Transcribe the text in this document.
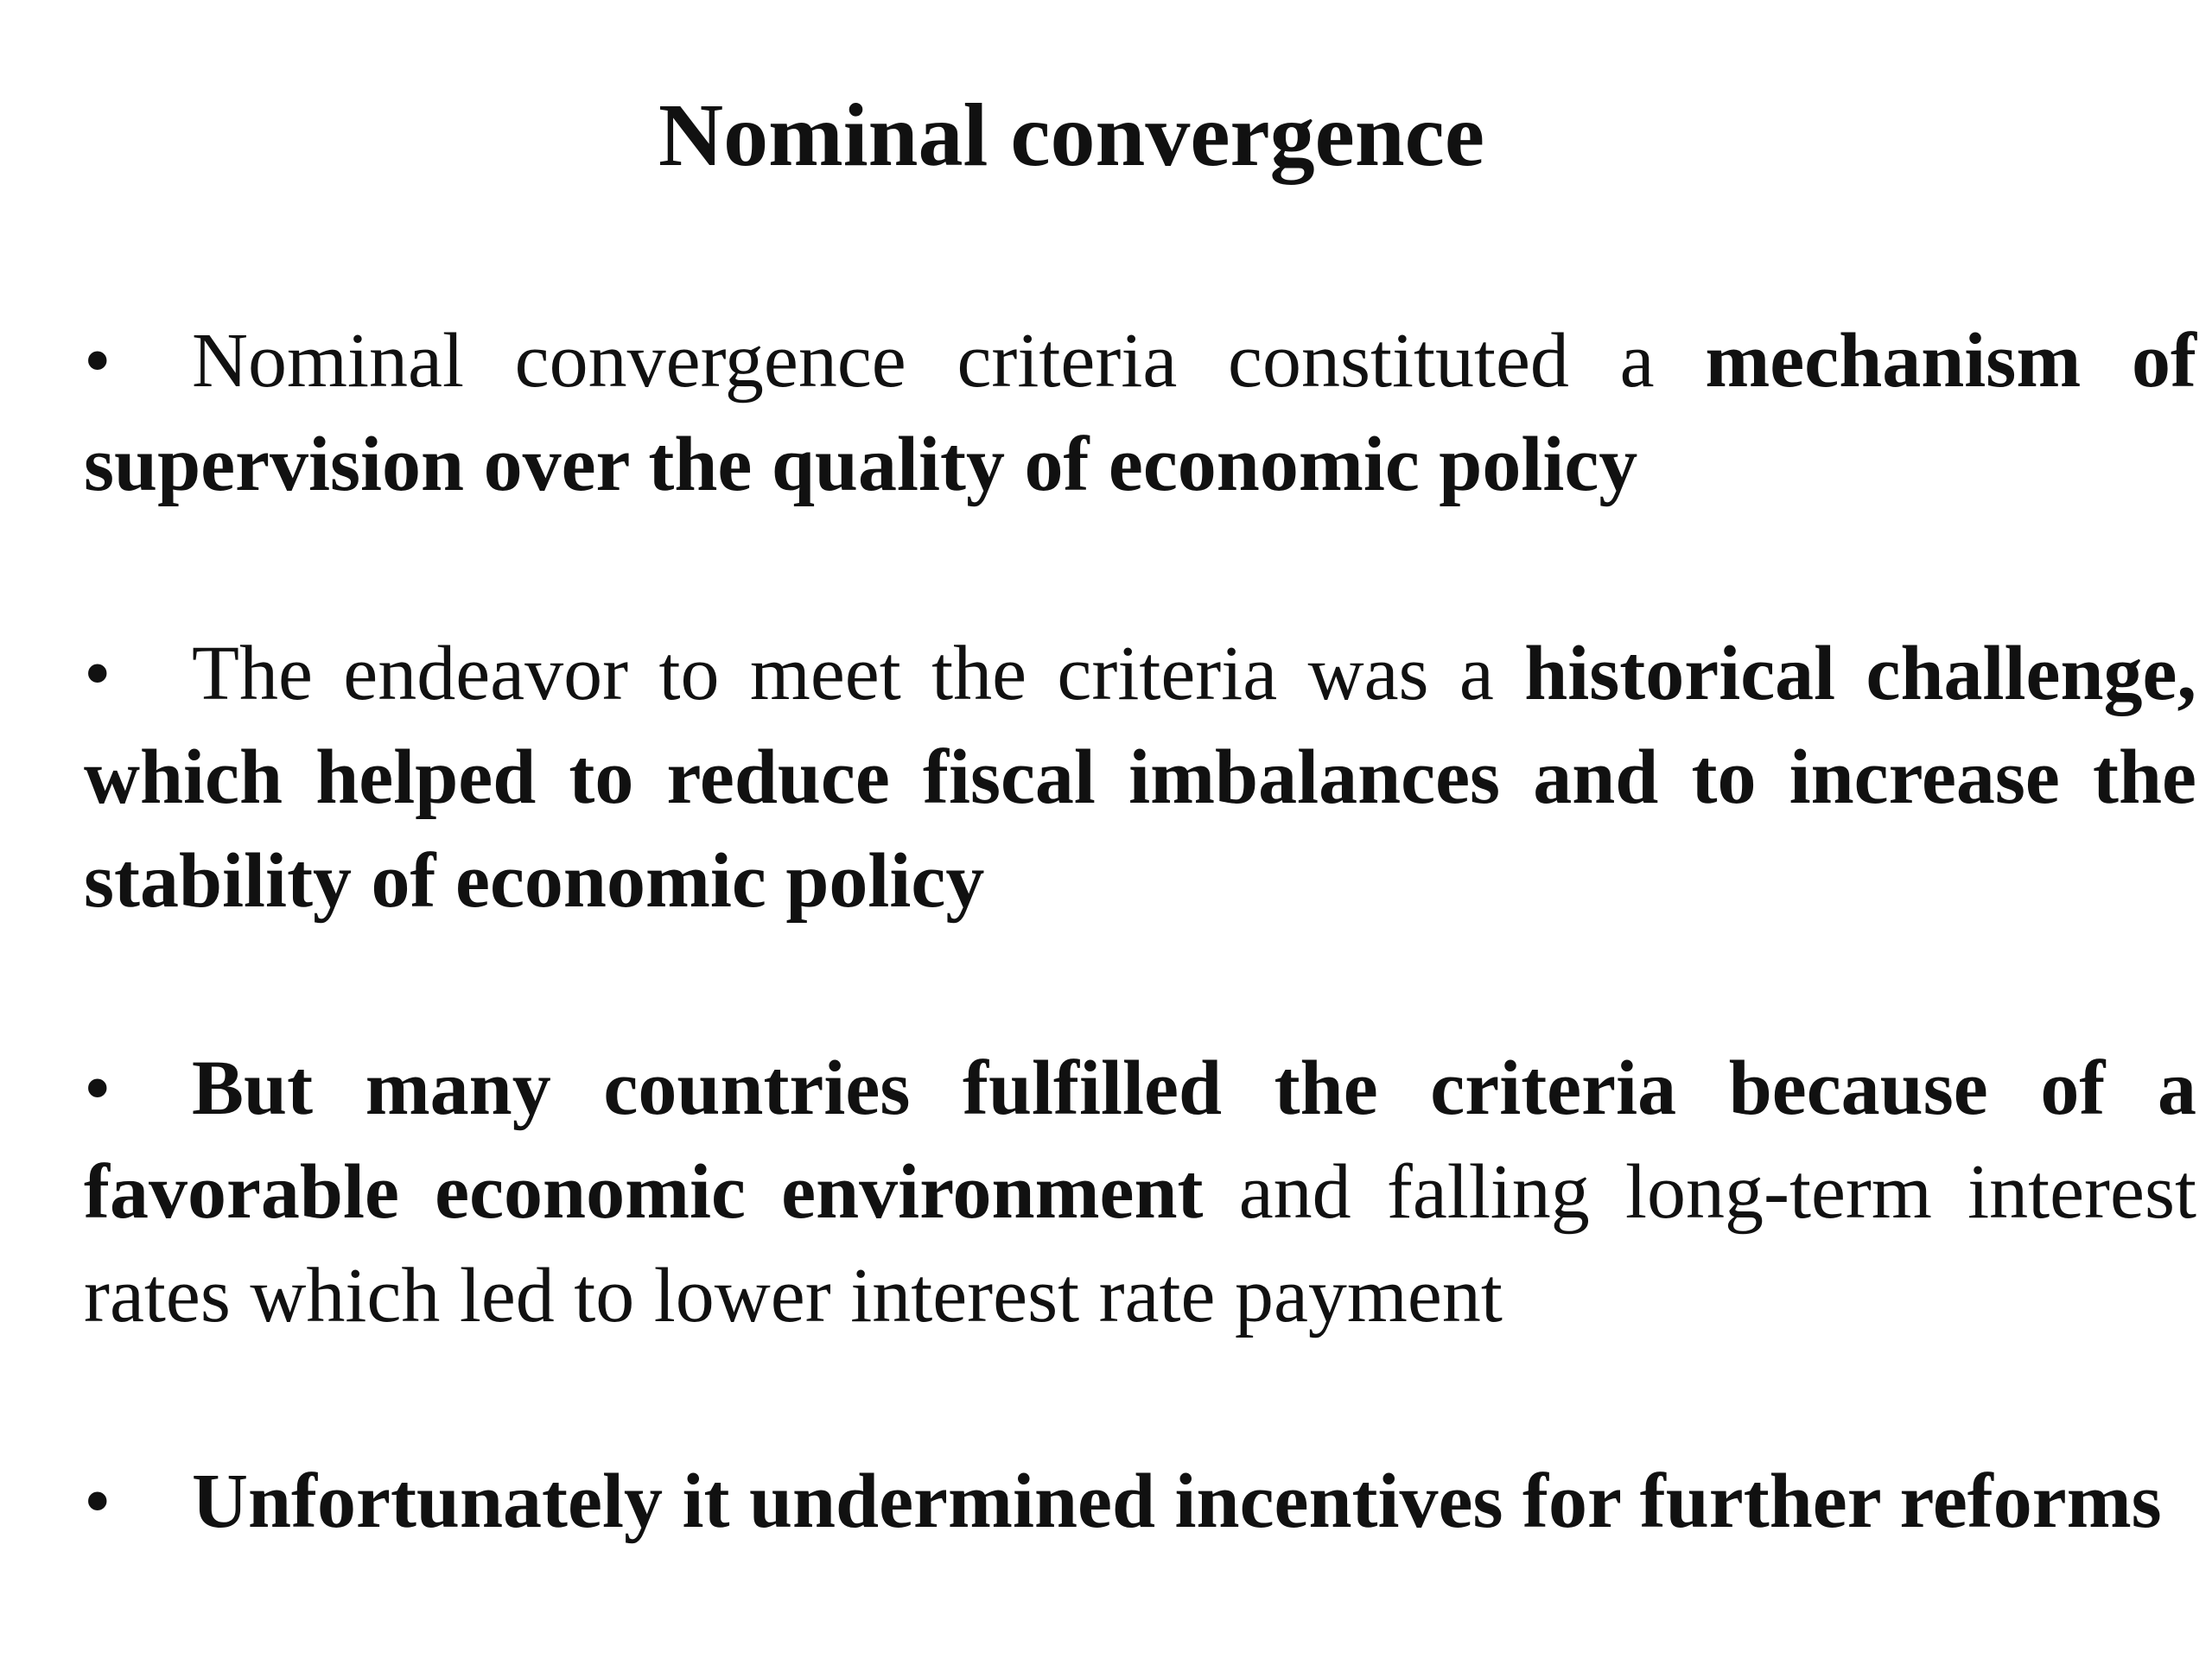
Nominal convergence

• Nominal convergence criteria constituted a mechanism of supervision over the quality of economic policy

• The endeavor to meet the criteria was a historical challenge, which helped to reduce fiscal imbalances and to increase the stability of economic policy

• But many countries fulfilled the criteria because of a favorable economic environment and falling long-term interest rates which led to lower interest rate payment

• Unfortunately it undermined incentives for further reforms
